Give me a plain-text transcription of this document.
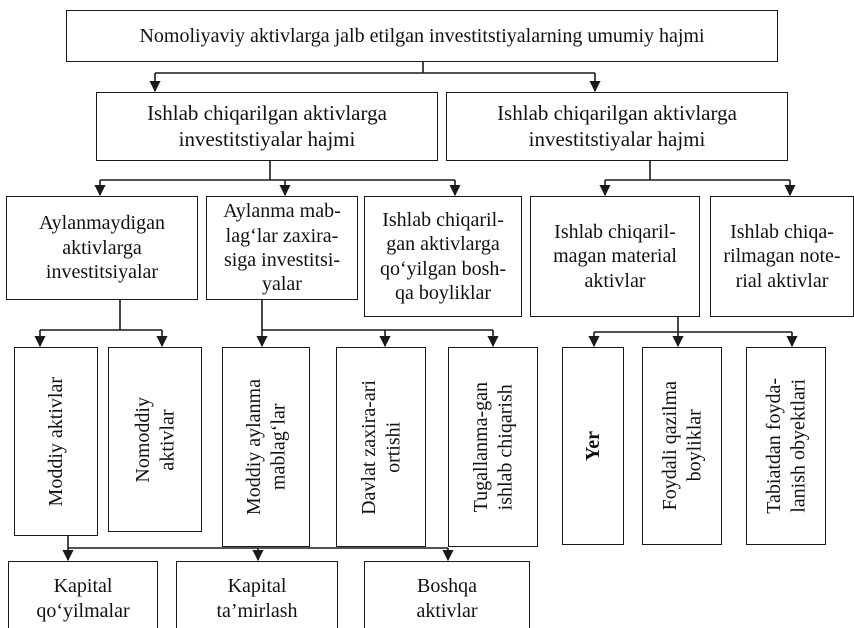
Nomoliyaviy aktivlarga jalb etilgan investitstiyalarning umumiy hajmi
Ishlab chiqarilgan aktivlarga
investitstiyalar hajmi
Ishlab chiqarilgan aktivlarga
investitstiyalar hajmi
Aylanmaydigan
aktivlarga
investitsiyalar
Aylanma mab-
lag‘lar zaxira-
siga investitsi-
yalar
Ishlab chiqaril-
gan aktivlarga
qo‘yilgan bosh-
qa boyliklar
Ishlab chiqaril-
magan material
aktivlar
Ishlab chiqa-
rilmagan note-
rial aktivlar
Moddiy aktivlar	Nomoddiy
aktivlar
Moddiy aylanma
mablag‘lar	Davlat zaxira-ari
ortishi	Tugallanma-gan
ishlab chiqarish	Yer
Foydali qazilma
boyliklar	Tabiatdan foyda-
lanish obyektlari
Kapital
qo‘yilmalar
Kapital
ta’mirlash
Boshqa
aktivlar
